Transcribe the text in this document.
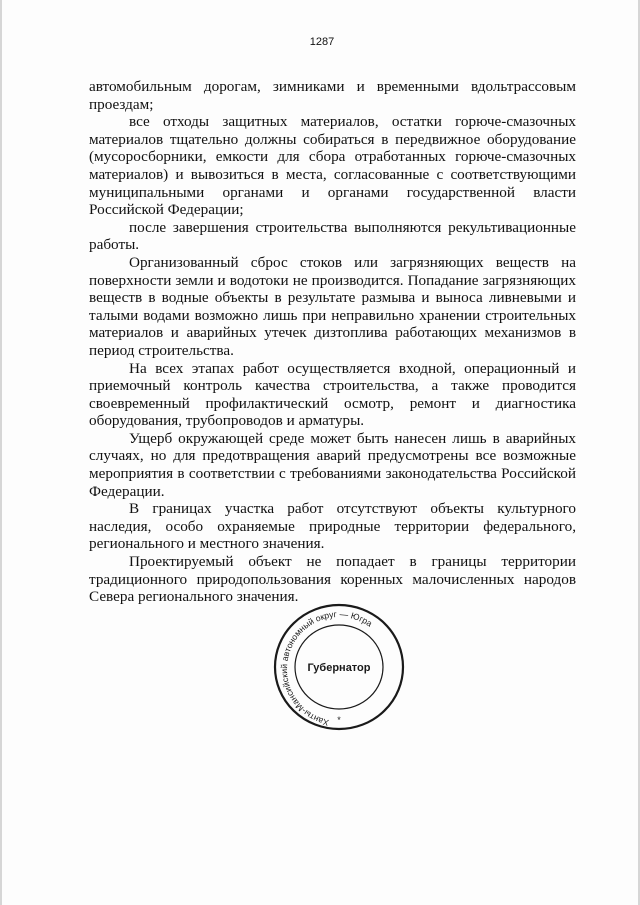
1287

автомобильным дорогам, зимниками и временными вдольтрассовым проездам;

все отходы защитных материалов, остатки горюче-смазочных материалов тщательно должны собираться в передвижное оборудование (мусоросборники, емкости для сбора отработанных горюче-смазочных материалов) и вывозиться в места, согласованные с соответствующими муниципальными органами и органами государственной власти Российской Федерации;

после завершения строительства выполняются рекультивационные работы.

Организованный сброс стоков или загрязняющих веществ на поверхности земли и водотоки не производится. Попадание загрязняющих веществ в водные объекты в результате размыва и выноса ливневыми и талыми водами возможно лишь при неправильно хранении строительных материалов и аварийных утечек дизтоплива работающих механизмов в период строительства.

На всех этапах работ осуществляется входной, операционный и приемочный контроль качества строительства, а также проводится своевременный профилактический осмотр, ремонт и диагностика оборудования, трубопроводов и арматуры.

Ущерб окружающей среде может быть нанесен лишь в аварийных случаях, но для предотвращения аварий предусмотрены все возможные мероприятия в соответствии с требованиями законодательства Российской Федерации.

В границах участка работ отсутствуют объекты культурного наследия, особо охраняемые природные территории федерального, регионального и местного значения.

Проектируемый объект не попадает в границы территории традиционного природопользования коренных малочисленных народов Севера регионального значения.

Ханты-Мансийский автономный округ — Югра
Губернатор
*
